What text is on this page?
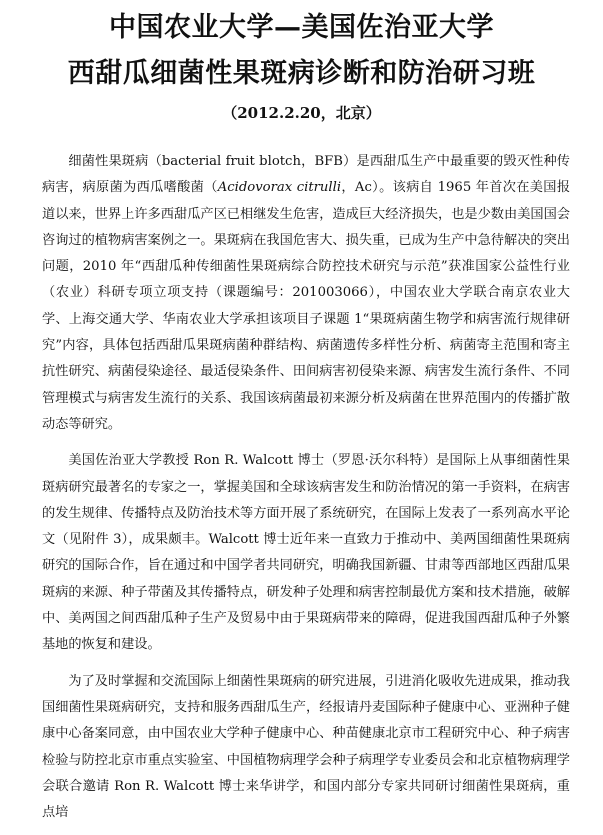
中国农业大学—美国佐治亚大学
西甜瓜细菌性果斑病诊断和防治研习班

（2012.2.20，北京）

细菌性果斑病（bacterial fruit blotch，BFB）是西甜瓜生产中最重要的毁灭性种传病害，病原菌为西瓜嗜酸菌（Acidovorax citrulli，Ac）。该病自 1965 年首次在美国报道以来，世界上许多西甜瓜产区已相继发生危害，造成巨大经济损失，也是少数由美国国会咨询过的植物病害案例之一。果斑病在我国危害大、损失重，已成为生产中急待解决的突出问题，2010 年“西甜瓜种传细菌性果斑病综合防控技术研究与示范”获准国家公益性行业（农业）科研专项立项支持（课题编号：201003066），中国农业大学联合南京农业大学、上海交通大学、华南农业大学承担该项目子课题 1“果斑病菌生物学和病害流行规律研究”内容，具体包括西甜瓜果斑病菌种群结构、病菌遗传多样性分析、病菌寄主范围和寄主抗性研究、病菌侵染途径、最适侵染条件、田间病害初侵染来源、病害发生流行条件、不同管理模式与病害发生流行的关系、我国该病菌最初来源分析及病菌在世界范围内的传播扩散动态等研究。

美国佐治亚大学教授 Ron R. Walcott 博士（罗恩·沃尔科特）是国际上从事细菌性果斑病研究最著名的专家之一，掌握美国和全球该病害发生和防治情况的第一手资料，在病害的发生规律、传播特点及防治技术等方面开展了系统研究，在国际上发表了一系列高水平论文（见附件 3），成果颇丰。Walcott 博士近年来一直致力于推动中、美两国细菌性果斑病研究的国际合作，旨在通过和中国学者共同研究，明确我国新疆、甘肃等西部地区西甜瓜果斑病的来源、种子带菌及其传播特点，研发种子处理和病害控制最优方案和技术措施，破解中、美两国之间西甜瓜种子生产及贸易中由于果斑病带来的障碍，促进我国西甜瓜种子外繁基地的恢复和建设。

为了及时掌握和交流国际上细菌性果斑病的研究进展，引进消化吸收先进成果，推动我国细菌性果斑病研究，支持和服务西甜瓜生产，经报请丹麦国际种子健康中心、亚洲种子健康中心备案同意，由中国农业大学种子健康中心、种苗健康北京市工程研究中心、种子病害检验与防控北京市重点实验室、中国植物病理学会种子病理学专业委员会和北京植物病理学会联合邀请 Ron R. Walcott 博士来华讲学，和国内部分专家共同研讨细菌性果斑病，重点培
